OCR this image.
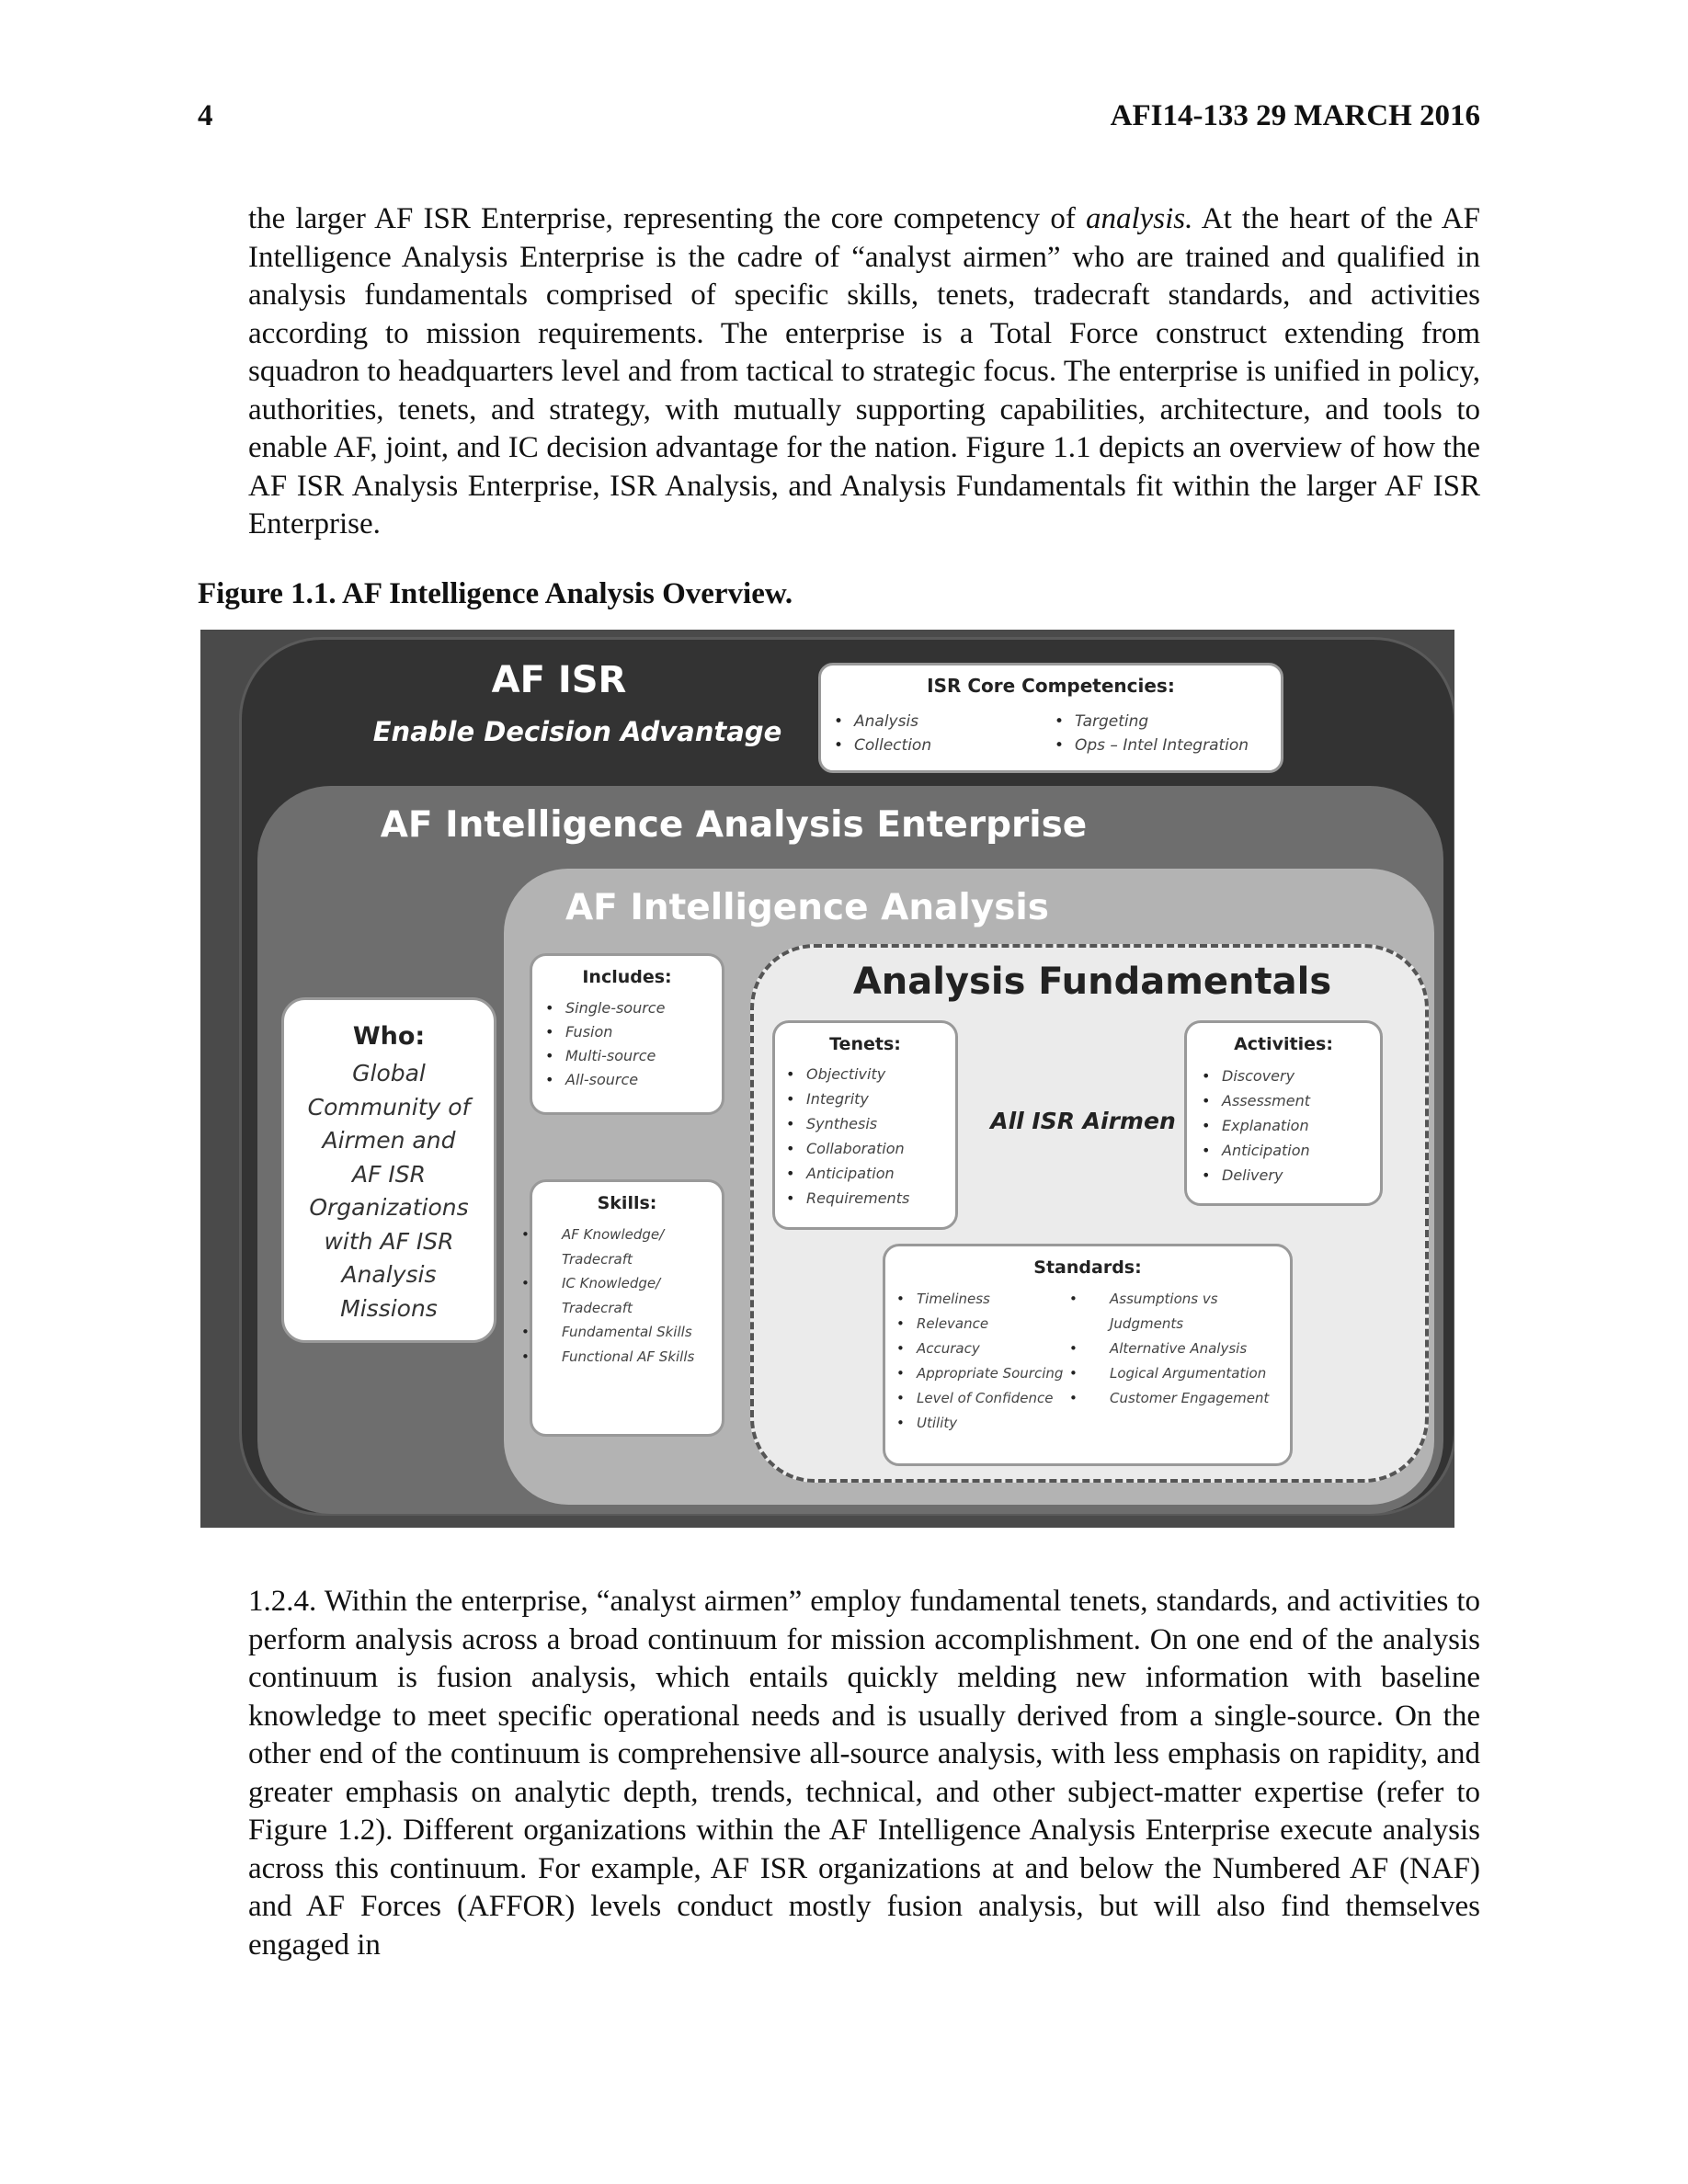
4	AFI14-133 29 MARCH 2016

the larger AF ISR Enterprise, representing the core competency of analysis. At the heart of the AF Intelligence Analysis Enterprise is the cadre of “analyst airmen” who are trained and qualified in analysis fundamentals comprised of specific skills, tenets, tradecraft standards, and activities according to mission requirements. The enterprise is a Total Force construct extending from squadron to headquarters level and from tactical to strategic focus. The enterprise is unified in policy, authorities, tenets, and strategy, with mutually supporting capabilities, architecture, and tools to enable AF, joint, and IC decision advantage for the nation. Figure 1.1 depicts an overview of how the AF ISR Analysis Enterprise, ISR Analysis, and Analysis Fundamentals fit within the larger AF ISR Enterprise.

Figure 1.1. AF Intelligence Analysis Overview.
AF ISR
Enable Decision Advantage
ISR Core Competencies:
• Analysis
• Collection
• Targeting
• Ops – Intel Integration
AF Intelligence Analysis Enterprise
AF Intelligence Analysis
Who:
Global
Community of
Airmen and
AF ISR
Organizations
with AF ISR
Analysis
Missions
Includes:
• Single-source
• Fusion
• Multi-source
• All-source
Skills:
• AF Knowledge/ Tradecraft
• IC Knowledge/ Tradecraft
• Fundamental Skills
• Functional AF Skills
Analysis Fundamentals
Tenets:
• Objectivity
• Integrity
• Synthesis
• Collaboration
• Anticipation
• Requirements
All ISR Airmen
Activities:
• Discovery
• Assessment
• Explanation
• Anticipation
• Delivery
Standards:
• Timeliness
• Relevance
• Accuracy
• Appropriate Sourcing
• Level of Confidence
• Utility
• Assumptions vs Judgments
• Alternative Analysis
• Logical Argumentation
• Customer Engagement

1.2.4. Within the enterprise, “analyst airmen” employ fundamental tenets, standards, and activities to perform analysis across a broad continuum for mission accomplishment. On one end of the analysis continuum is fusion analysis, which entails quickly melding new information with baseline knowledge to meet specific operational needs and is usually derived from a single-source. On the other end of the continuum is comprehensive all-source analysis, with less emphasis on rapidity, and greater emphasis on analytic depth, trends, technical, and other subject-matter expertise (refer to Figure 1.2). Different organizations within the AF Intelligence Analysis Enterprise execute analysis across this continuum. For example, AF ISR organizations at and below the Numbered AF (NAF) and AF Forces (AFFOR) levels conduct mostly fusion analysis, but will also find themselves engaged in
